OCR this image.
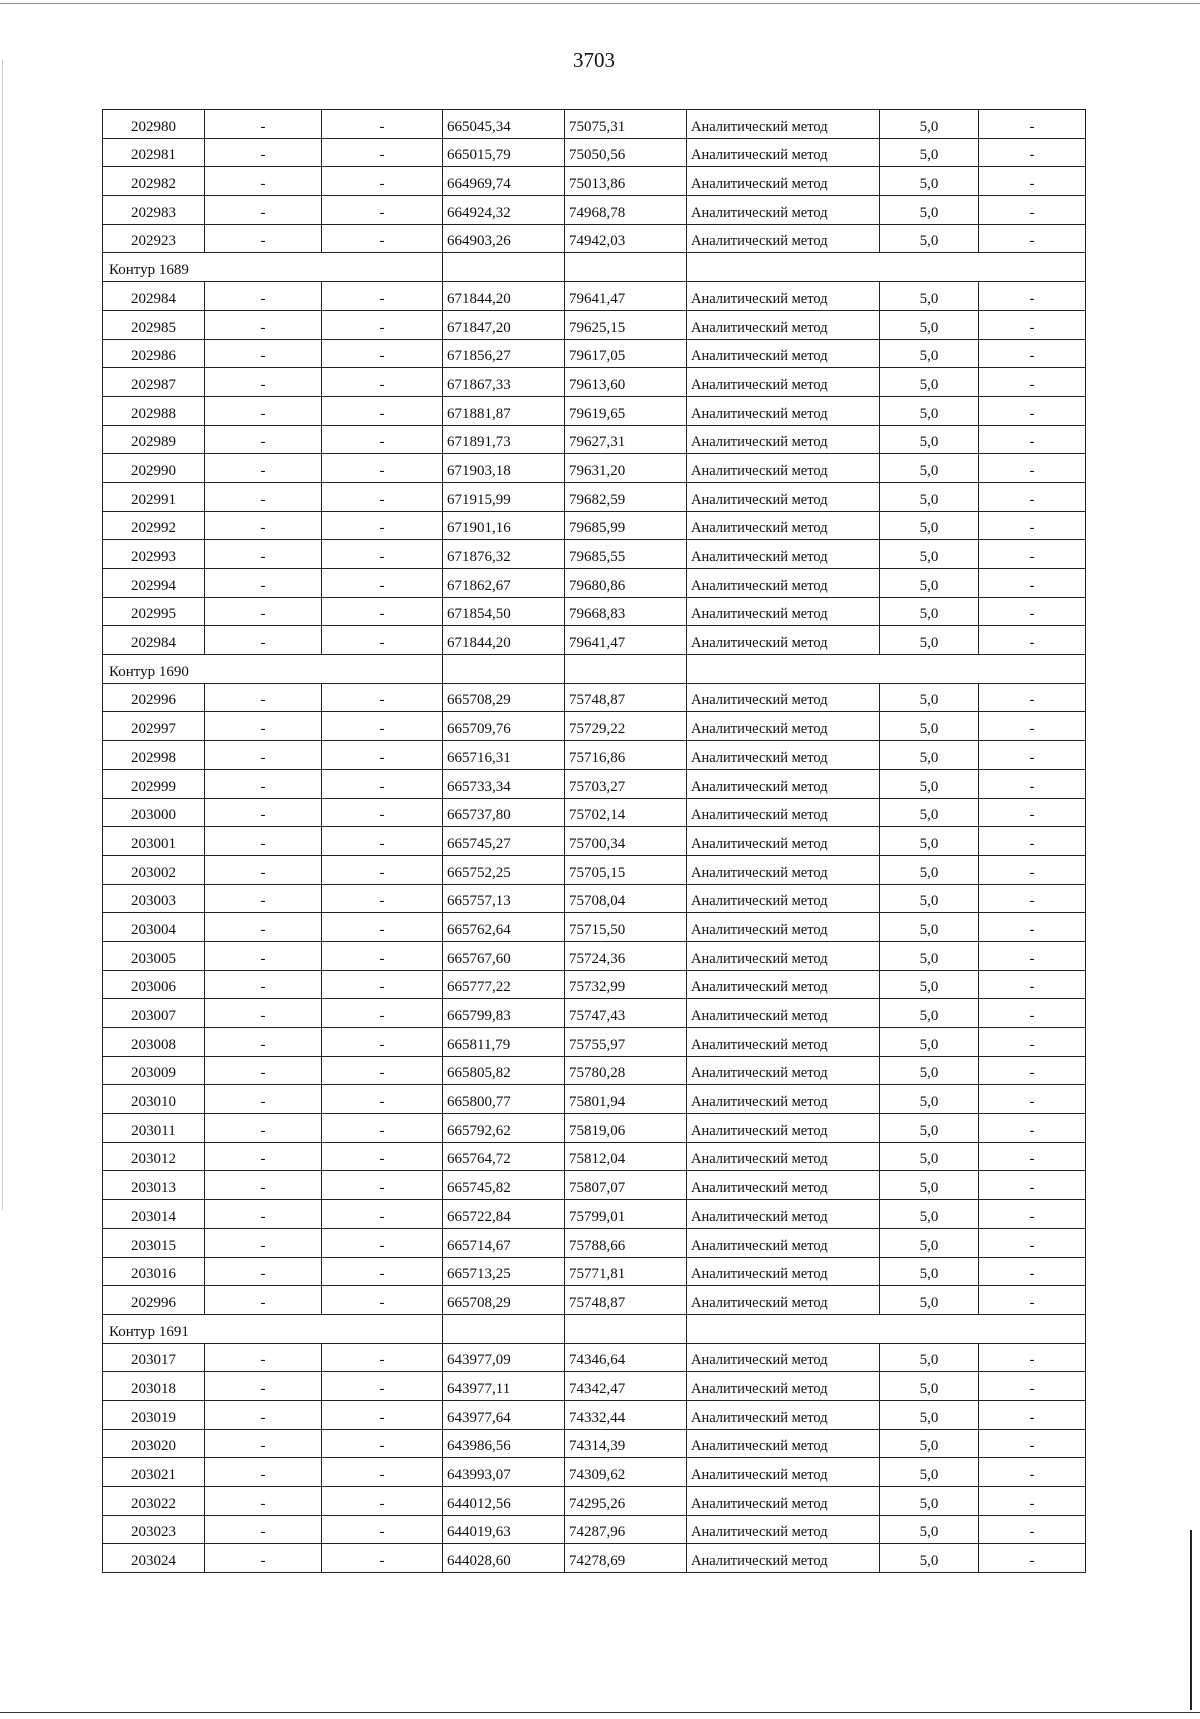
3703
202980	-	-	665045,34	75075,31	Аналитический метод	5,0	-
202981	-	-	665015,79	75050,56	Аналитический метод	5,0	-
202982	-	-	664969,74	75013,86	Аналитический метод	5,0	-
202983	-	-	664924,32	74968,78	Аналитический метод	5,0	-
202923	-	-	664903,26	74942,03	Аналитический метод	5,0	-
Контур 1689							
202984	-	-	671844,20	79641,47	Аналитический метод	5,0	-
202985	-	-	671847,20	79625,15	Аналитический метод	5,0	-
202986	-	-	671856,27	79617,05	Аналитический метод	5,0	-
202987	-	-	671867,33	79613,60	Аналитический метод	5,0	-
202988	-	-	671881,87	79619,65	Аналитический метод	5,0	-
202989	-	-	671891,73	79627,31	Аналитический метод	5,0	-
202990	-	-	671903,18	79631,20	Аналитический метод	5,0	-
202991	-	-	671915,99	79682,59	Аналитический метод	5,0	-
202992	-	-	671901,16	79685,99	Аналитический метод	5,0	-
202993	-	-	671876,32	79685,55	Аналитический метод	5,0	-
202994	-	-	671862,67	79680,86	Аналитический метод	5,0	-
202995	-	-	671854,50	79668,83	Аналитический метод	5,0	-
202984	-	-	671844,20	79641,47	Аналитический метод	5,0	-
Контур 1690							
202996	-	-	665708,29	75748,87	Аналитический метод	5,0	-
202997	-	-	665709,76	75729,22	Аналитический метод	5,0	-
202998	-	-	665716,31	75716,86	Аналитический метод	5,0	-
202999	-	-	665733,34	75703,27	Аналитический метод	5,0	-
203000	-	-	665737,80	75702,14	Аналитический метод	5,0	-
203001	-	-	665745,27	75700,34	Аналитический метод	5,0	-
203002	-	-	665752,25	75705,15	Аналитический метод	5,0	-
203003	-	-	665757,13	75708,04	Аналитический метод	5,0	-
203004	-	-	665762,64	75715,50	Аналитический метод	5,0	-
203005	-	-	665767,60	75724,36	Аналитический метод	5,0	-
203006	-	-	665777,22	75732,99	Аналитический метод	5,0	-
203007	-	-	665799,83	75747,43	Аналитический метод	5,0	-
203008	-	-	665811,79	75755,97	Аналитический метод	5,0	-
203009	-	-	665805,82	75780,28	Аналитический метод	5,0	-
203010	-	-	665800,77	75801,94	Аналитический метод	5,0	-
203011	-	-	665792,62	75819,06	Аналитический метод	5,0	-
203012	-	-	665764,72	75812,04	Аналитический метод	5,0	-
203013	-	-	665745,82	75807,07	Аналитический метод	5,0	-
203014	-	-	665722,84	75799,01	Аналитический метод	5,0	-
203015	-	-	665714,67	75788,66	Аналитический метод	5,0	-
203016	-	-	665713,25	75771,81	Аналитический метод	5,0	-
202996	-	-	665708,29	75748,87	Аналитический метод	5,0	-
Контур 1691							
203017	-	-	643977,09	74346,64	Аналитический метод	5,0	-
203018	-	-	643977,11	74342,47	Аналитический метод	5,0	-
203019	-	-	643977,64	74332,44	Аналитический метод	5,0	-
203020	-	-	643986,56	74314,39	Аналитический метод	5,0	-
203021	-	-	643993,07	74309,62	Аналитический метод	5,0	-
203022	-	-	644012,56	74295,26	Аналитический метод	5,0	-
203023	-	-	644019,63	74287,96	Аналитический метод	5,0	-
203024	-	-	644028,60	74278,69	Аналитический метод	5,0	-
